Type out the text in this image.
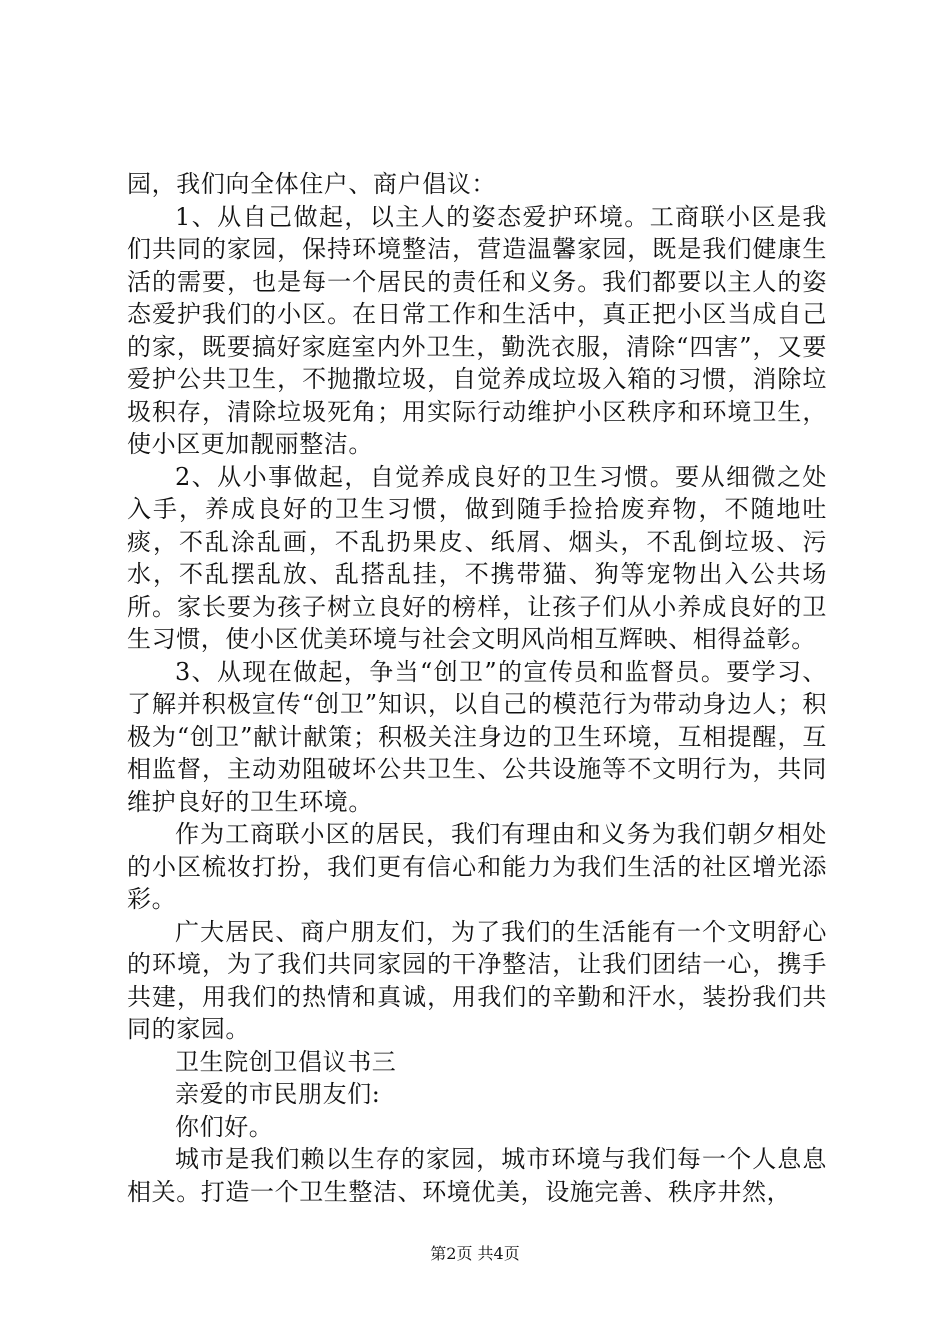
园，我们向全体住户、商户倡议：

1、从自己做起，以主人的姿态爱护环境。工商联小区是我们共同的家园，保持环境整洁，营造温馨家园，既是我们健康生活的需要，也是每一个居民的责任和义务。我们都要以主人的姿态爱护我们的小区。在日常工作和生活中，真正把小区当成自己的家，既要搞好家庭室内外卫生，勤洗衣服，清除“四害”，又要爱护公共卫生，不抛撒垃圾，自觉养成垃圾入箱的习惯，消除垃圾积存，清除垃圾死角；用实际行动维护小区秩序和环境卫生，使小区更加靓丽整洁。

2、从小事做起，自觉养成良好的卫生习惯。要从细微之处入手，养成良好的卫生习惯，做到随手捡拾废弃物，不随地吐痰，不乱涂乱画，不乱扔果皮、纸屑、烟头，不乱倒垃圾、污水，不乱摆乱放、乱搭乱挂，不携带猫、狗等宠物出入公共场所。家长要为孩子树立良好的榜样，让孩子们从小养成良好的卫生习惯，使小区优美环境与社会文明风尚相互辉映、相得益彰。

3、从现在做起，争当“创卫”的宣传员和监督员。要学习、了解并积极宣传“创卫”知识，以自己的模范行为带动身边人；积极为“创卫”献计献策；积极关注身边的卫生环境，互相提醒，互相监督，主动劝阻破坏公共卫生、公共设施等不文明行为，共同维护良好的卫生环境。

作为工商联小区的居民，我们有理由和义务为我们朝夕相处的小区梳妆打扮，我们更有信心和能力为我们生活的社区增光添彩。

广大居民、商户朋友们，为了我们的生活能有一个文明舒心的环境，为了我们共同家园的干净整洁，让我们团结一心，携手共建，用我们的热情和真诚，用我们的辛勤和汗水，装扮我们共同的家园。

卫生院创卫倡议书三

亲爱的市民朋友们:

你们好。

城市是我们赖以生存的家园，城市环境与我们每一个人息息相关。打造一个卫生整洁、环境优美，设施完善、秩序井然，

第2页 共4页
